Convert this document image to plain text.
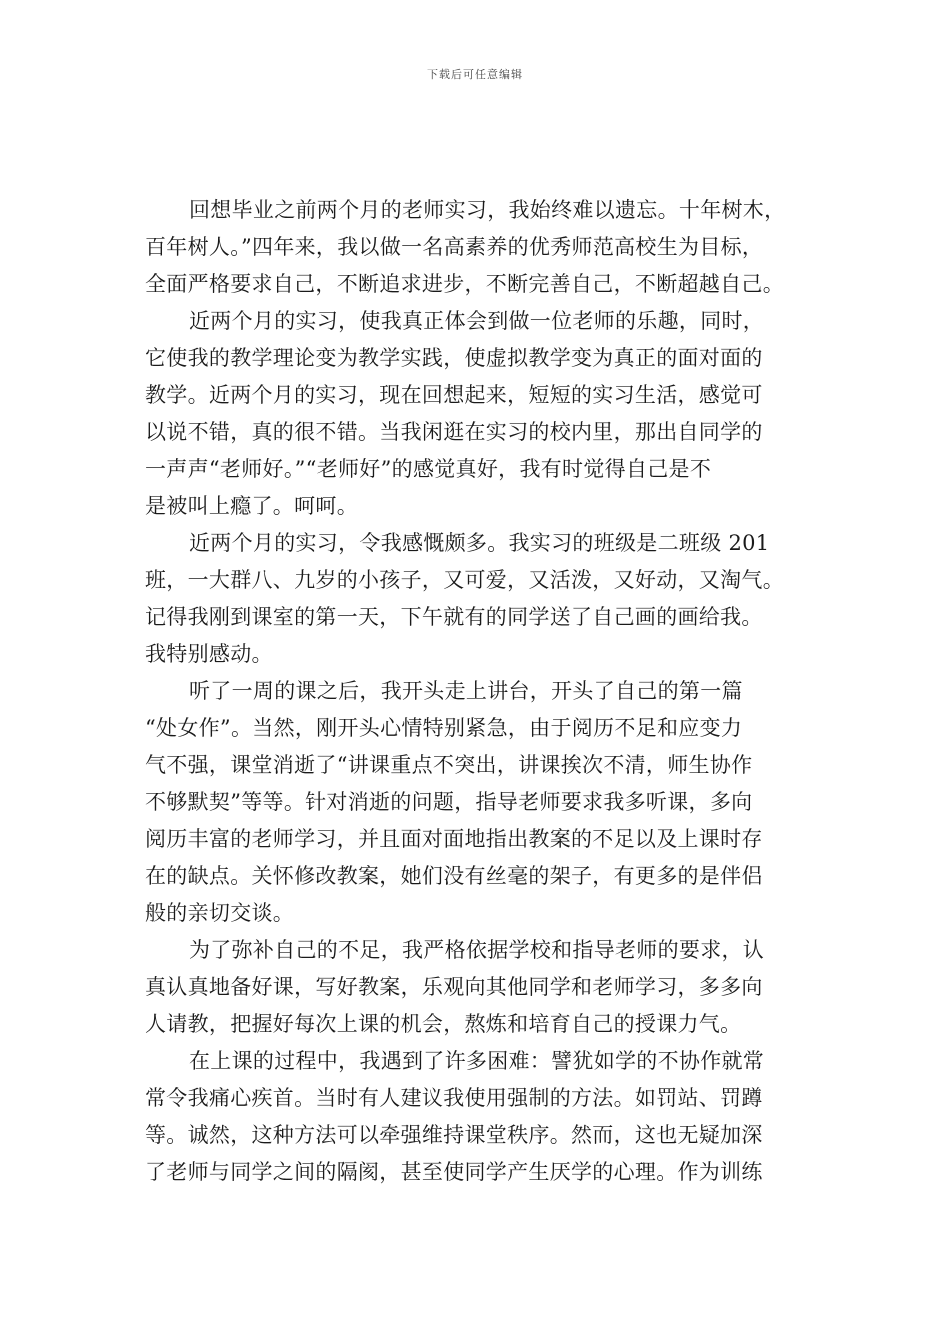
下载后可任意编辑
回想毕业之前两个月的老师实习，我始终难以遗忘。十年树木，
百年树人。”四年来，我以做一名高素养的优秀师范高校生为目标，
全面严格要求自己，不断追求进步，不断完善自己，不断超越自己。
近两个月的实习，使我真正体会到做一位老师的乐趣，同时，
它使我的教学理论变为教学实践，使虚拟教学变为真正的面对面的
教学。近两个月的实习，现在回想起来，短短的实习生活，感觉可
以说不错，真的很不错。当我闲逛在实习的校内里，那出自同学的
一声声“老师好。”“老师好”的感觉真好，我有时觉得自己是不
是被叫上瘾了。呵呵。
近两个月的实习，令我感慨颇多。我实习的班级是二班级 201
班，一大群八、九岁的小孩子，又可爱，又活泼，又好动，又淘气。
记得我刚到课室的第一天，下午就有的同学送了自己画的画给我。
我特别感动。
听了一周的课之后，我开头走上讲台，开头了自己的第一篇
“处女作”。当然，刚开头心情特别紧急，由于阅历不足和应变力
气不强，课堂消逝了“讲课重点不突出，讲课挨次不清，师生协作
不够默契”等等。针对消逝的问题，指导老师要求我多听课，多向
阅历丰富的老师学习，并且面对面地指出教案的不足以及上课时存
在的缺点。关怀修改教案，她们没有丝毫的架子，有更多的是伴侣
般的亲切交谈。
为了弥补自己的不足，我严格依据学校和指导老师的要求，认
真认真地备好课，写好教案，乐观向其他同学和老师学习，多多向
人请教，把握好每次上课的机会，熬炼和培育自己的授课力气。
在上课的过程中，我遇到了许多困难：譬犹如学的不协作就常
常令我痛心疾首。当时有人建议我使用强制的方法。如罚站、罚蹲
等。诚然，这种方法可以牵强维持课堂秩序。然而，这也无疑加深
了老师与同学之间的隔阂，甚至使同学产生厌学的心理。作为训练
